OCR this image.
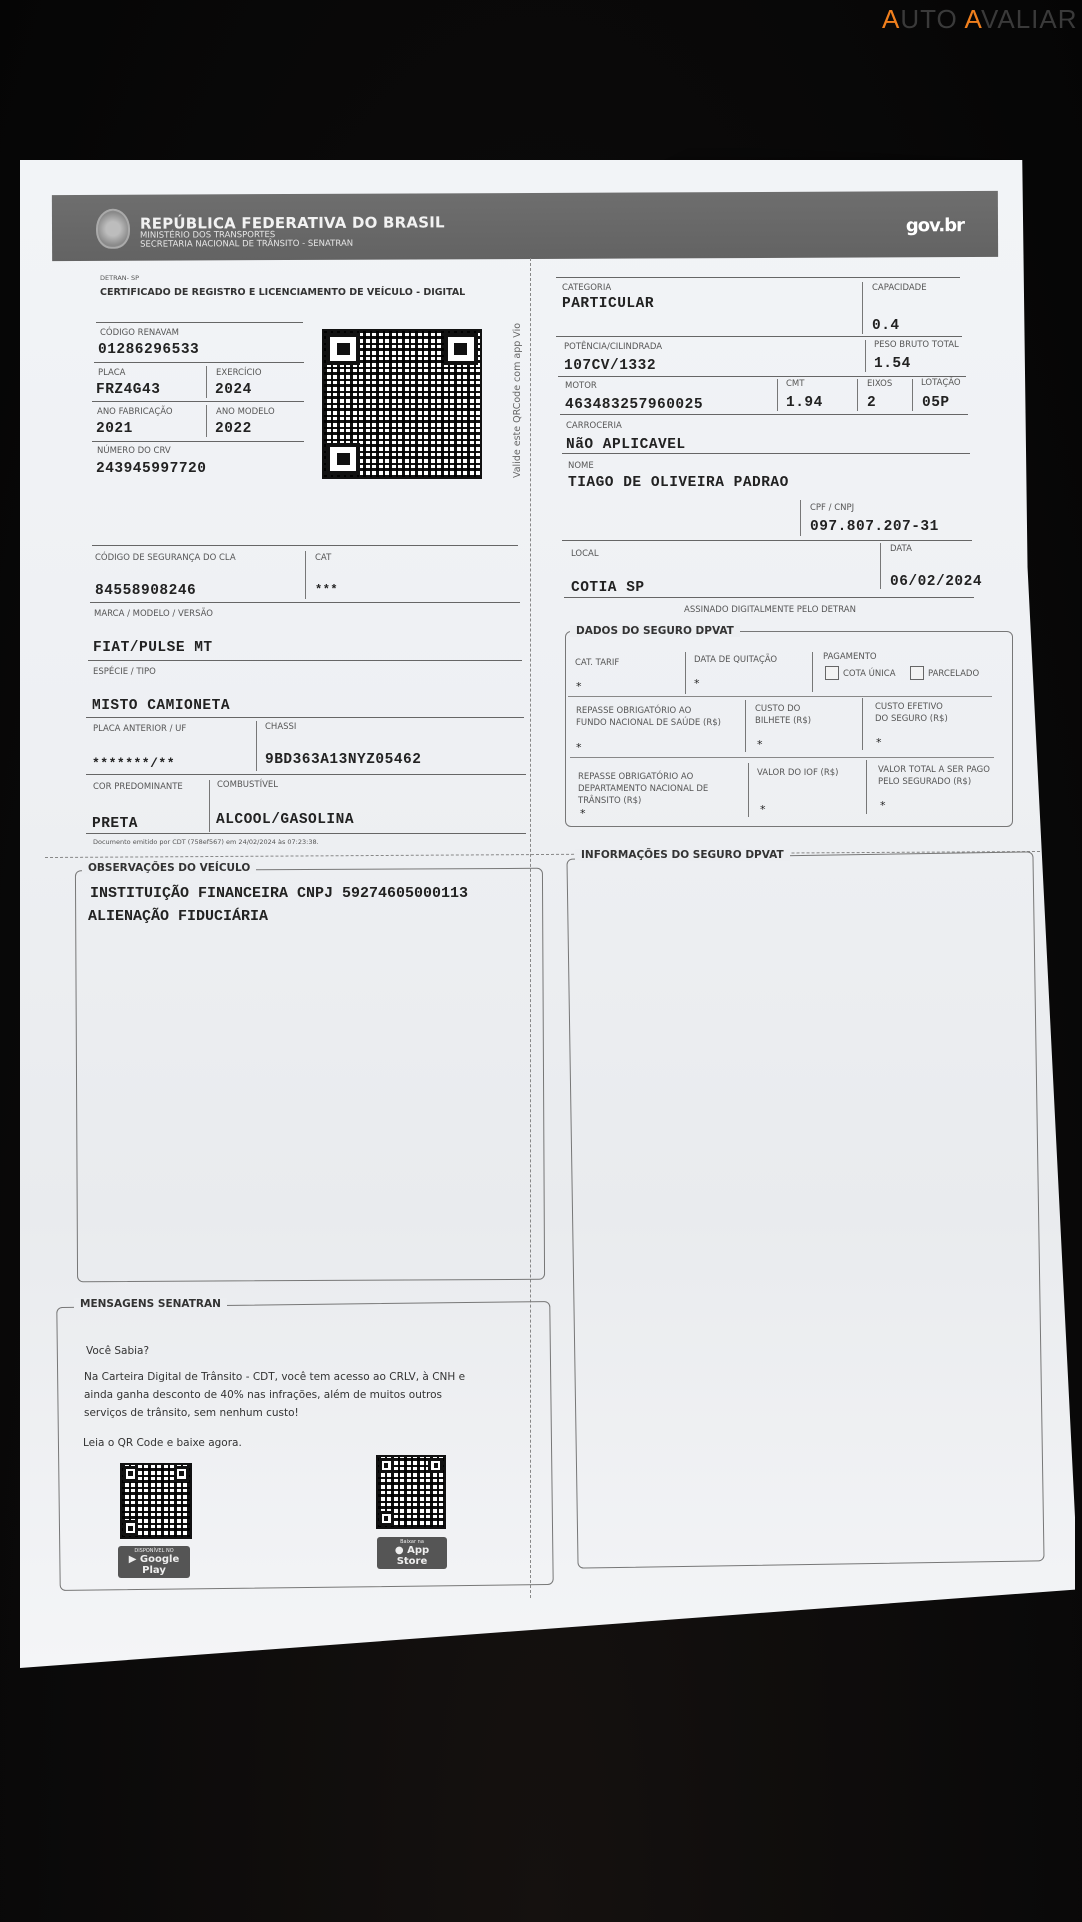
AUTO AVALIAR
REPÚBLICA FEDERATIVA DO BRASIL
MINISTÉRIO DOS TRANSPORTES
SECRETARIA NACIONAL DE TRÂNSITO - SENATRAN
gov.br
DETRAN- SP
CERTIFICADO DE REGISTRO E LICENCIAMENTO DE VEÍCULO - DIGITAL
CÓDIGO RENAVAM
01286296533
PLACA
FRZ4G43
EXERCÍCIO
2024
ANO FABRICAÇÃO
2021
ANO MODELO
2022
NÚMERO DO CRV
243945997720	Valide este QRCode com app Vio
CÓDIGO DE SEGURANÇA DO CLA
84558908246
CAT
***
MARCA / MODELO / VERSÃO
FIAT/PULSE MT
ESPÉCIE / TIPO
MISTO CAMIONETA
PLACA ANTERIOR / UF
*******/**
CHASSI
9BD363A13NYZ05462
COR PREDOMINANTE
PRETA
COMBUSTÍVEL
ALCOOL/GASOLINA
Documento emitido por CDT (758ef567) em 24/02/2024 às 07:23:38.
CATEGORIA
PARTICULAR
CAPACIDADE
0.4
POTÊNCIA/CILINDRADA
107CV/1332
PESO BRUTO TOTAL
1.54
MOTOR
463483257960025
CMT
1.94
EIXOS
2
LOTAÇÃO
05P
CARROCERIA
NãO APLICAVEL
NOME
TIAGO DE OLIVEIRA PADRAO
CPF / CNPJ
097.807.207-31
LOCAL
COTIA SP
DATA
06/02/2024
ASSINADO DIGITALMENTE PELO DETRAN
DADOS DO SEGURO DPVAT
CAT. TARIF
*
DATA DE QUITAÇÃO
*
PAGAMENTO
COTA ÚNICA	PARCELADO
REPASSE OBRIGATÓRIO AO
FUNDO NACIONAL DE SAÚDE (R$)
*
CUSTO DO
BILHETE (R$)
*
CUSTO EFETIVO
DO SEGURO (R$)
*
REPASSE OBRIGATÓRIO AO
DEPARTAMENTO NACIONAL DE
TRÂNSITO (R$)
*
VALOR DO IOF (R$)
*
VALOR TOTAL A SER PAGO
PELO SEGURADO (R$)
*
OBSERVAÇÕES DO VEÍCULO
INSTITUIÇÃO FINANCEIRA CNPJ 59274605000113
ALIENAÇÃO FIDUCIÁRIA
INFORMAÇÕES DO SEGURO DPVAT
MENSAGENS SENATRAN
Você Sabia?
Na Carteira Digital de Trânsito - CDT, você tem acesso ao CRLV, à CNH e
ainda ganha desconto de 40% nas infrações, além de muitos outros
serviços de trânsito, sem nenhum custo!
Leia o QR Code e baixe agora.
DISPONÍVEL NO
▶ Google Play
Baixar na
● App Store
